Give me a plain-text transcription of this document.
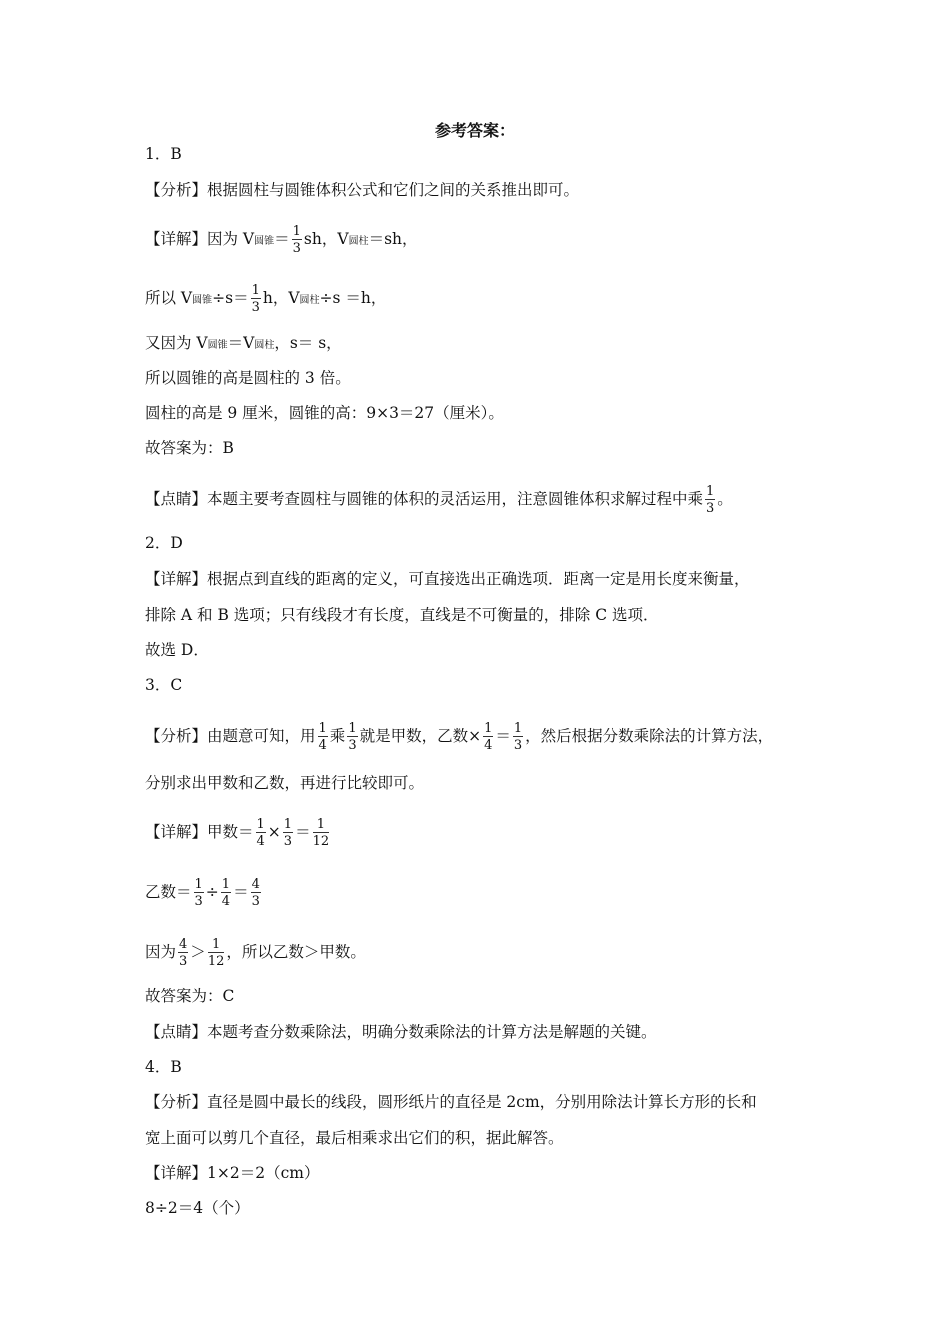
参考答案：
1．B
【分析】根据圆柱与圆锥体积公式和它们之间的关系推出即可。
【详解】因为 V圆锥＝ $\frac{1}{3}$ sh，V圆柱＝sh，
所以 V圆锥$\div s= \frac{1}{3}$ h，V圆柱÷s ＝h，
又因为 V圆锥＝V圆柱，s＝ s，
所以圆锥的高是圆柱的 3 倍。
圆柱的高是 9 厘米，圆锥的高：9×3＝27（厘米）。
故答案为：B
【点睛】本题主要考查圆柱与圆锥的体积的灵活运用，注意圆锥体积求解过程中乘 $\frac{1}{3}$ 。
2．D
【详解】根据点到直线的距离的定义，可直接选出正确选项．距离一定是用长度来衡量，
排除 A 和 B 选项；只有线段才有长度，直线是不可衡量的，排除 C 选项．
故选 D．
3．C
【分析】由题意可知，用 $\frac{1}{4}$ 乘 $\frac{1}{3}$ 就是甲数，乙数× $\frac{1}{4} = \frac{1}{3}$ ，然后根据分数乘除法的计算方法，
分别求出甲数和乙数，再进行比较即可。
【详解】甲数＝ $\frac{1}{4} \times \frac{1}{3} = \frac{1}{12}$
乙数＝ $\frac{1}{3} \div \frac{1}{4} = \frac{4}{3}$
因为 $\frac{4}{3} > \frac{1}{12}$ ，所以乙数＞甲数。
故答案为：C
【点睛】本题考查分数乘除法，明确分数乘除法的计算方法是解题的关键。
4．B
【分析】直径是圆中最长的线段，圆形纸片的直径是 2cm，分别用除法计算长方形的长和
宽上面可以剪几个直径，最后相乘求出它们的积，据此解答。
【详解】1×2＝2（cm）
8÷2＝4（个）
